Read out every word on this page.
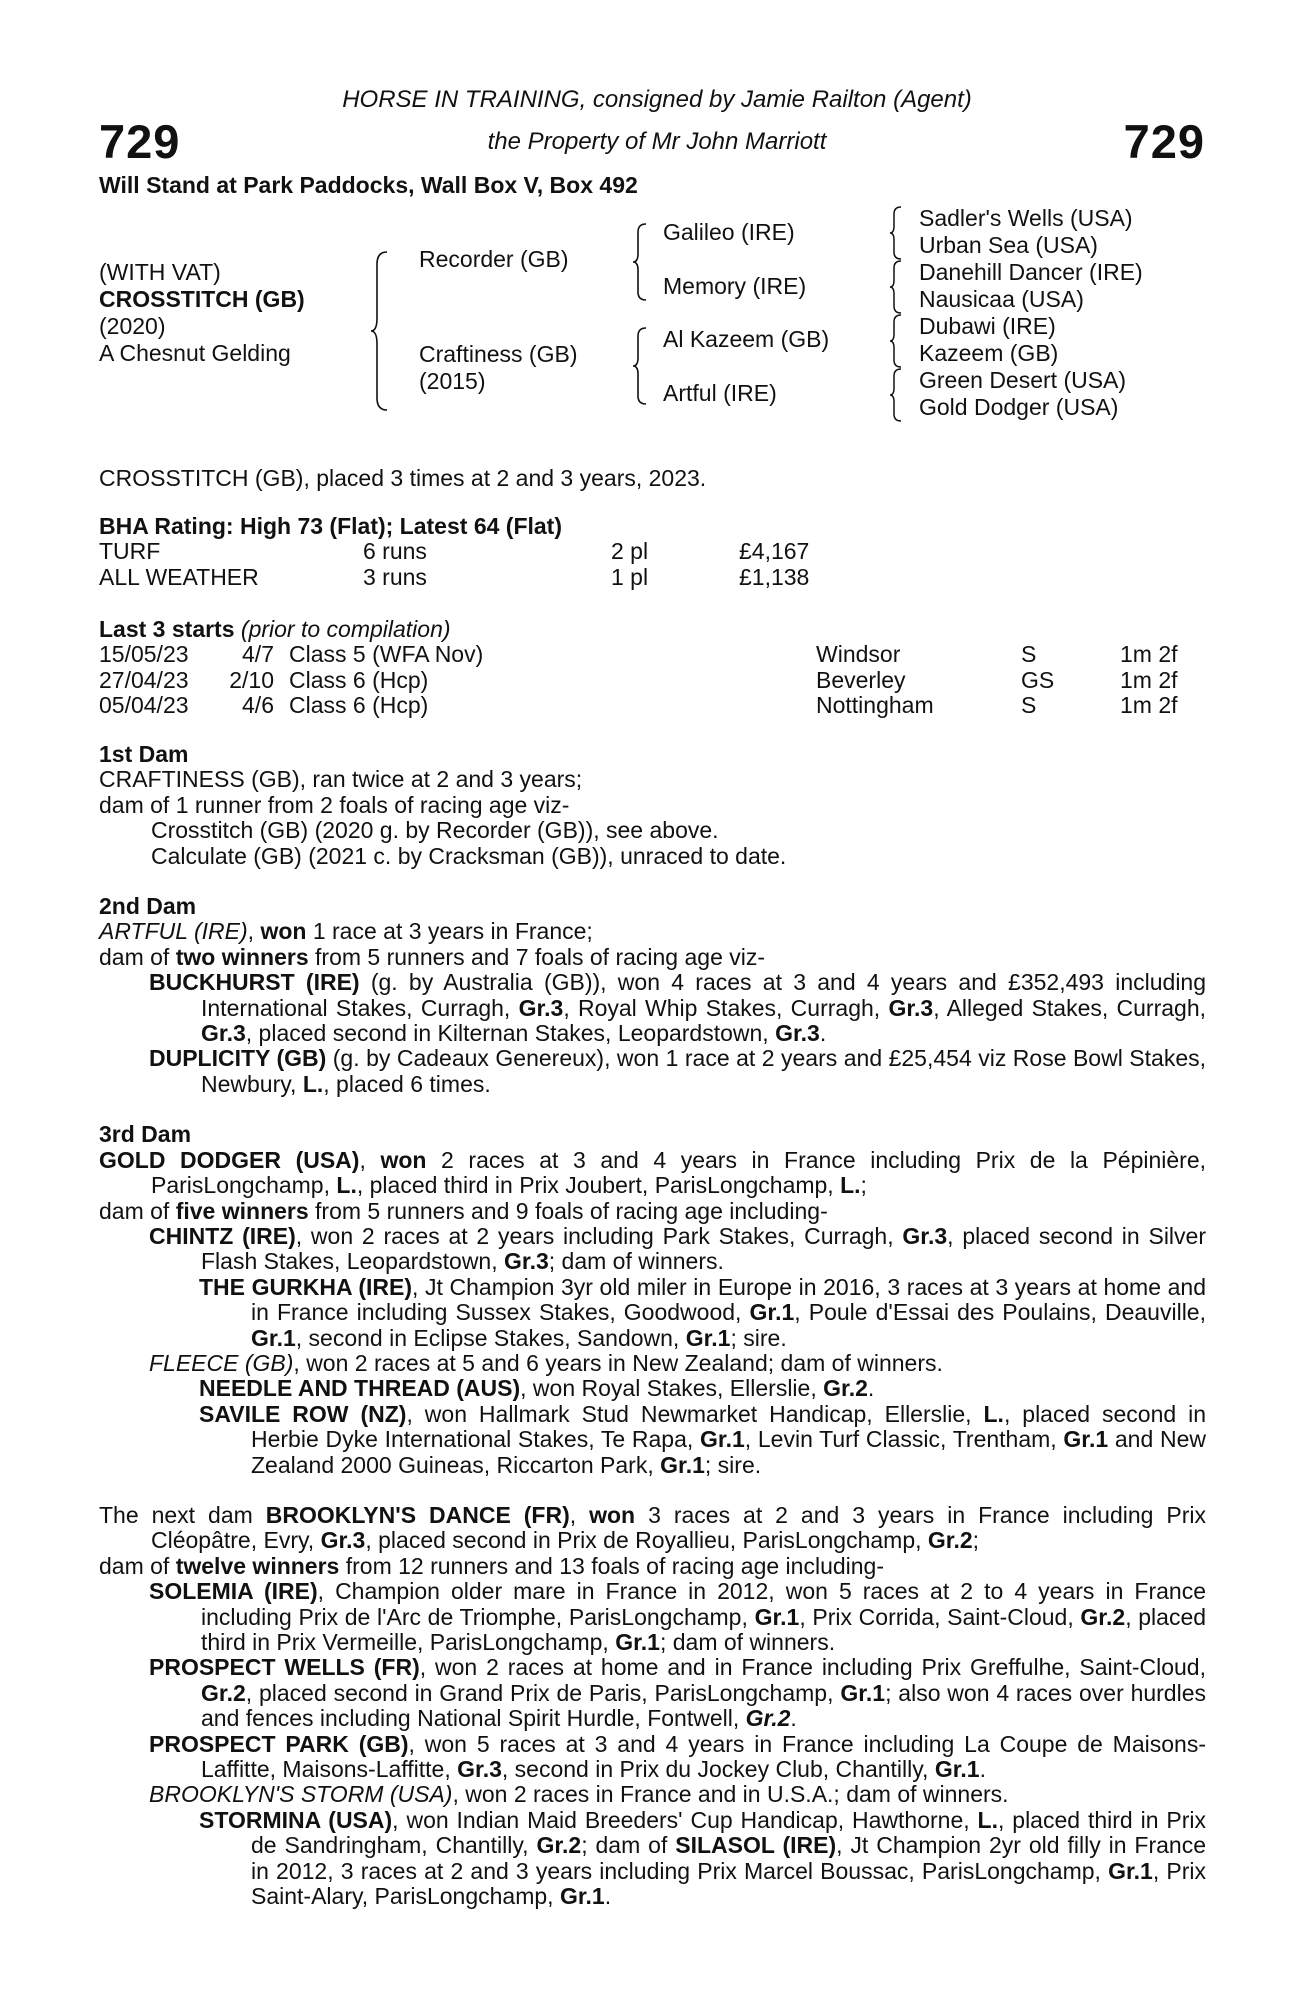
729	729
HORSE IN TRAINING, consigned by Jamie Railton (Agent)
the Property of Mr John Marriott
Will Stand at Park Paddocks, Wall Box V, Box 492
(WITH VAT)
CROSSTITCH (GB)
(2020)
A Chesnut Gelding
Recorder (GB)
Craftiness (GB)
(2015)
Galileo (IRE)
Memory (IRE)
Al Kazeem (GB)
Artful (IRE)
Sadler's Wells (USA)
Urban Sea (USA)
Danehill Dancer (IRE)
Nausicaa (USA)
Dubawi (IRE)
Kazeem (GB)
Green Desert (USA)
Gold Dodger (USA)
CROSSTITCH (GB), placed 3 times at 2 and 3 years, 2023.
BHA Rating: High 73 (Flat); Latest 64 (Flat)
TURF	6 runs	2 pl	£4,167
ALL WEATHER	3 runs	1 pl	£1,138
Last 3 starts (prior to compilation)
15/05/23	4/7	Class 5 (WFA Nov)	Windsor	S	1m 2f
27/04/23	2/10	Class 6 (Hcp)	Beverley	GS	1m 2f
05/04/23	4/6	Class 6 (Hcp)	Nottingham	S	1m 2f
1st Dam
CRAFTINESS (GB), ran twice at 2 and 3 years;
dam of 1 runner from 2 foals of racing age viz-
Crosstitch (GB) (2020 g. by Recorder (GB)), see above.
Calculate (GB) (2021 c. by Cracksman (GB)), unraced to date.
2nd Dam
ARTFUL (IRE), won 1 race at 3 years in France;
dam of two winners from 5 runners and 7 foals of racing age viz-
BUCKHURST (IRE) (g. by Australia (GB)), won 4 races at 3 and 4 years and £352,493 including International Stakes, Curragh, Gr.3, Royal Whip Stakes, Curragh, Gr.3, Alleged Stakes, Curragh, Gr.3, placed second in Kilternan Stakes, Leopardstown, Gr.3.
DUPLICITY (GB) (g. by Cadeaux Genereux), won 1 race at 2 years and £25,454 viz Rose Bowl Stakes, Newbury, L., placed 6 times.
3rd Dam
GOLD DODGER (USA), won 2 races at 3 and 4 years in France including Prix de la Pépinière, ParisLongchamp, L., placed third in Prix Joubert, ParisLongchamp, L.;
dam of five winners from 5 runners and 9 foals of racing age including-
CHINTZ (IRE), won 2 races at 2 years including Park Stakes, Curragh, Gr.3, placed second in Silver Flash Stakes, Leopardstown, Gr.3; dam of winners.
THE GURKHA (IRE), Jt Champion 3yr old miler in Europe in 2016, 3 races at 3 years at home and in France including Sussex Stakes, Goodwood, Gr.1, Poule d'Essai des Poulains, Deauville, Gr.1, second in Eclipse Stakes, Sandown, Gr.1; sire.
FLEECE (GB), won 2 races at 5 and 6 years in New Zealand; dam of winners.
NEEDLE AND THREAD (AUS), won Royal Stakes, Ellerslie, Gr.2.
SAVILE ROW (NZ), won Hallmark Stud Newmarket Handicap, Ellerslie, L., placed second in Herbie Dyke International Stakes, Te Rapa, Gr.1, Levin Turf Classic, Trentham, Gr.1 and New Zealand 2000 Guineas, Riccarton Park, Gr.1; sire.
The next dam BROOKLYN'S DANCE (FR), won 3 races at 2 and 3 years in France including Prix Cléopâtre, Evry, Gr.3, placed second in Prix de Royallieu, ParisLongchamp, Gr.2;
dam of twelve winners from 12 runners and 13 foals of racing age including-
SOLEMIA (IRE), Champion older mare in France in 2012, won 5 races at 2 to 4 years in France including Prix de l'Arc de Triomphe, ParisLongchamp, Gr.1, Prix Corrida, Saint-Cloud, Gr.2, placed third in Prix Vermeille, ParisLongchamp, Gr.1; dam of winners.
PROSPECT WELLS (FR), won 2 races at home and in France including Prix Greffulhe, Saint-Cloud, Gr.2, placed second in Grand Prix de Paris, ParisLongchamp, Gr.1; also won 4 races over hurdles and fences including National Spirit Hurdle, Fontwell, Gr.2.
PROSPECT PARK (GB), won 5 races at 3 and 4 years in France including La Coupe de Maisons-Laffitte, Maisons-Laffitte, Gr.3, second in Prix du Jockey Club, Chantilly, Gr.1.
BROOKLYN'S STORM (USA), won 2 races in France and in U.S.A.; dam of winners.
STORMINA (USA), won Indian Maid Breeders' Cup Handicap, Hawthorne, L., placed third in Prix de Sandringham, Chantilly, Gr.2; dam of SILASOL (IRE), Jt Champion 2yr old filly in France in 2012, 3 races at 2 and 3 years including Prix Marcel Boussac, ParisLongchamp, Gr.1, Prix Saint-Alary, ParisLongchamp, Gr.1.
